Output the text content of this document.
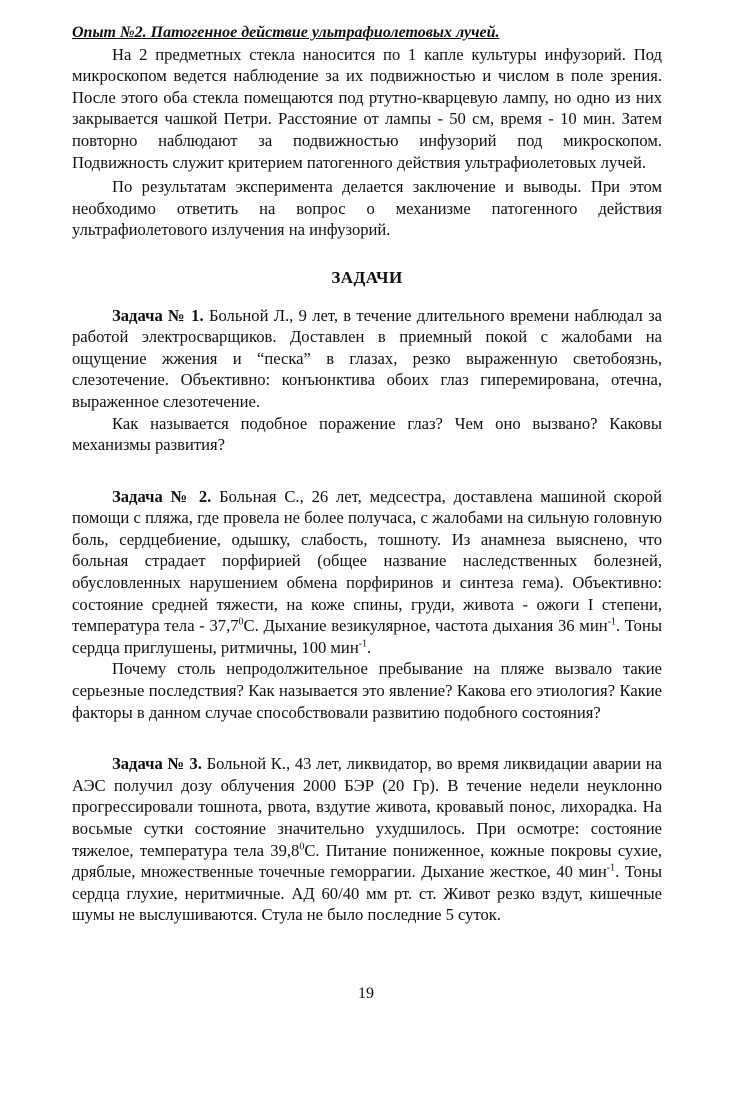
Опыт №2. Патогенное действие ультрафиолетовых лучей.

На 2 предметных стекла наносится по 1 капле культуры инфузорий. Под микроскопом ведется наблюдение за их подвижностью и числом в поле зрения. После этого оба стекла помещаются под ртутно-кварцевую лампу, но одно из них закрывается чашкой Петри. Расстояние от лампы - 50 см, время - 10 мин. Затем повторно наблюдают за подвижностью инфузорий под микроскопом. Подвижность служит критерием патогенного действия ультрафиолетовых лучей.

По результатам эксперимента делается заключение и выводы. При этом необходимо ответить на вопрос о механизме патогенного действия ультрафиолетового излучения на инфузорий.

ЗАДАЧИ

Задача № 1. Больной Л., 9 лет, в течение длительного времени наблюдал за работой электросварщиков. Доставлен в приемный покой с жалобами на ощущение жжения и “песка” в глазах, резко выраженную светобоязнь, слезотечение. Объективно: конъюнктива обоих глаз гиперемирована, отечна, выраженное слезотечение.

Как называется подобное поражение глаз? Чем оно вызвано? Каковы механизмы развития?

Задача № 2. Больная С., 26 лет, медсестра, доставлена машиной скорой помощи с пляжа, где провела не более получаса, с жалобами на сильную головную боль, сердцебиение, одышку, слабость, тошноту. Из анамнеза выяснено, что больная страдает порфирией (общее название наследственных болезней, обусловленных нарушением обмена порфиринов и синтеза гема). Объективно: состояние средней тяжести, на коже спины, груди, живота - ожоги I степени, температура тела - 37,7$^0$С. Дыхание везикулярное, частота дыхания 36 мин$^{-1}$. Тоны сердца приглушены, ритмичны, 100 мин$^{-1}$.

Почему столь непродолжительное пребывание на пляже вызвало такие серьезные последствия? Как называется это явление? Какова его этиология? Какие факторы в данном случае способствовали развитию подобного состояния?

Задача № 3. Больной К., 43 лет, ликвидатор, во время ликвидации аварии на АЭС получил дозу облучения 2000 БЭР (20 Гр). В течение недели неуклонно прогрессировали тошнота, рвота, вздутие живота, кровавый понос, лихорадка. На восьмые сутки состояние значительно ухудшилось. При осмотре: состояние тяжелое, температура тела 39,8$^0$С. Питание пониженное, кожные покровы сухие, дряблые, множественные точечные геморрагии. Дыхание жесткое, 40 мин$^{-1}$. Тоны сердца глухие, неритмичные. АД 60/40 мм рт. ст. Живот резко вздут, кишечные шумы не выслушиваются. Стула не было последние 5 суток.

19
